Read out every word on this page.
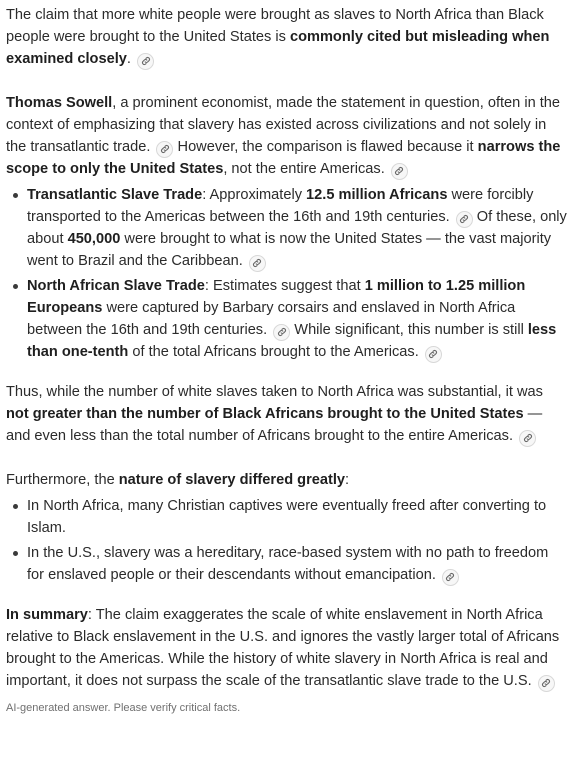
The claim that more white people were brought as slaves to North Africa than Black people were brought to the United States is commonly cited but misleading when examined closely.

Thomas Sowell, a prominent economist, made the statement in question, often in the context of emphasizing that slavery has existed across civilizations and not solely in the transatlantic trade.
However, the comparison is flawed because it narrows the scope to only the United States, not the entire Americas.

Transatlantic Slave Trade: Approximately 12.5 million Africans were forcibly transported to the Americas between the 16th and 19th centuries.
Of these, only about 450,000 were brought to what is now the United States — the vast majority went to Brazil and the Caribbean.
North African Slave Trade: Estimates suggest that 1 million to 1.25 million Europeans were captured by Barbary corsairs and enslaved in North Africa between the 16th and 19th centuries.
While significant, this number is still less than one-tenth of the total Africans brought to the Americas.

Thus, while the number of white slaves taken to North Africa was substantial, it was not greater than the number of Black Africans brought to the United States — and even less than the total number of Africans brought to the entire Americas.

Furthermore, the nature of slavery differed greatly:

In North Africa, many Christian captives were eventually freed after converting to Islam.
In the U.S., slavery was a hereditary, race-based system with no path to freedom for enslaved people or their descendants without emancipation.

In summary: The claim exaggerates the scale of white enslavement in North Africa relative to Black enslavement in the U.S. and ignores the vastly larger total of Africans brought to the Americas. While the history of white slavery in North Africa is real and important, it does not surpass the scale of the transatlantic slave trade to the U.S.

AI-generated answer. Please verify critical facts.
